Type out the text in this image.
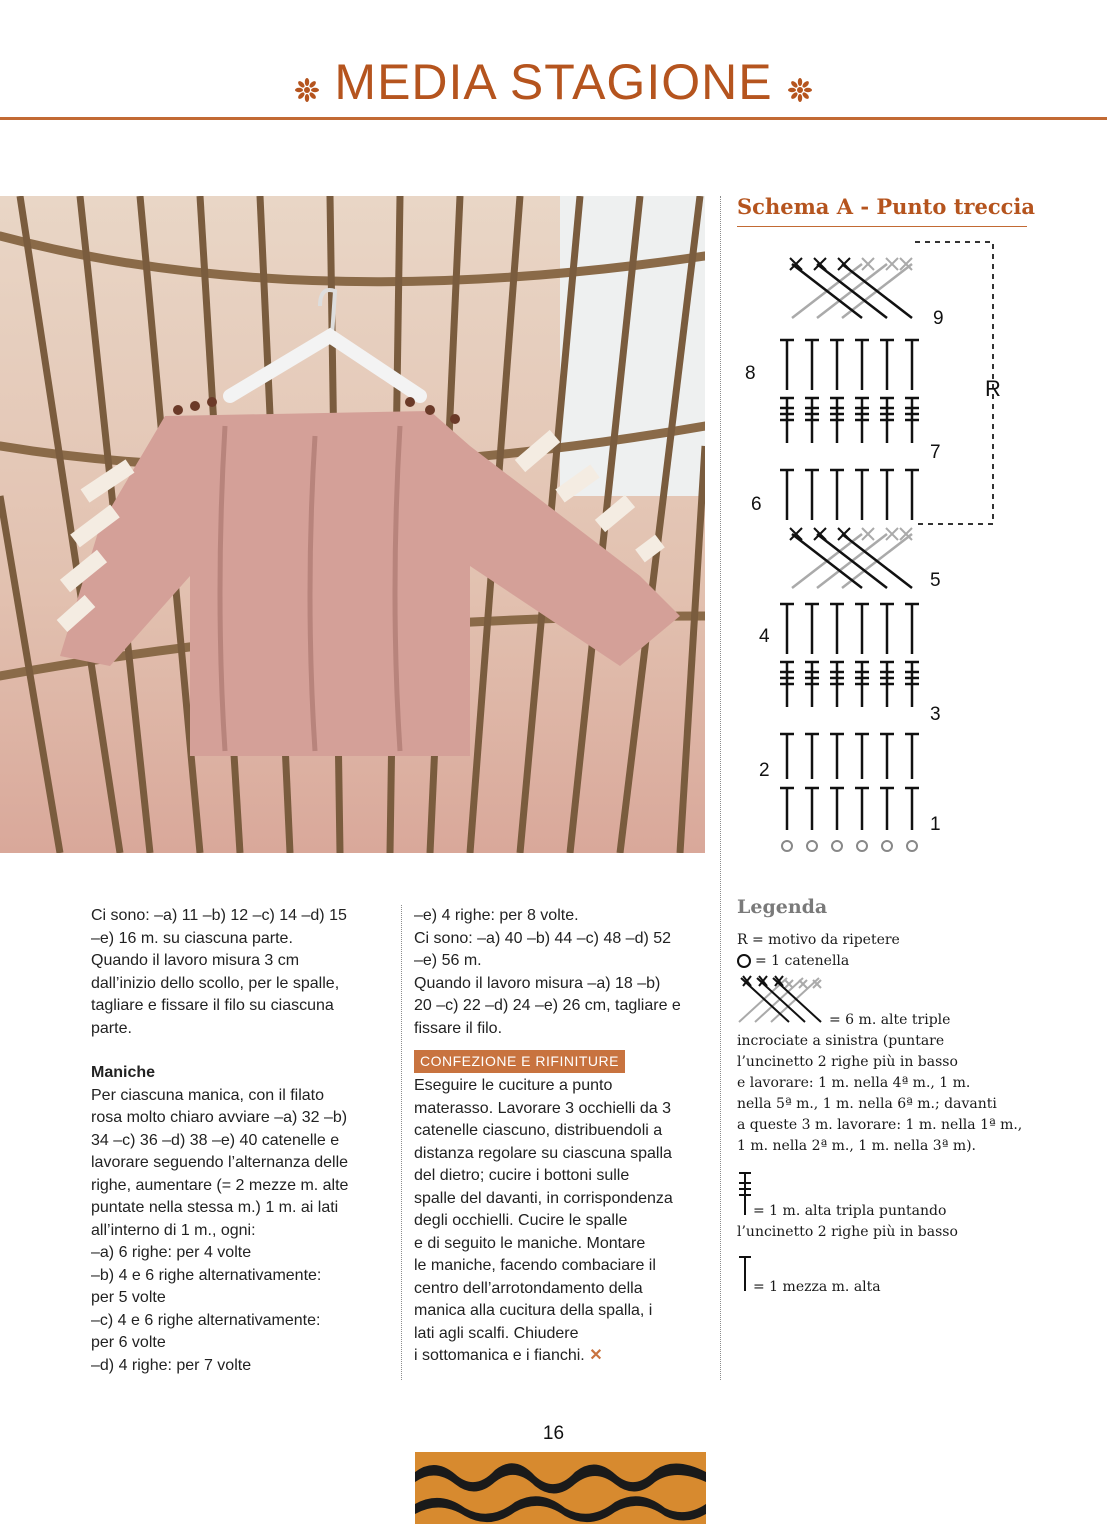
MEDIA STAGIONE

Ci sono: –a) 11 –b) 12 –c) 14 –d) 15

–e) 16 m. su ciascuna parte.

Quando il lavoro misura 3 cm

dall’inizio dello scollo, per le spalle,

tagliare e fissare il filo su ciascuna

parte.

Maniche

Per ciascuna manica, con il filato

rosa molto chiaro avviare –a) 32 –b)

34 –c) 36 –d) 38 –e) 40 catenelle e

lavorare seguendo l’alternanza delle

righe, aumentare (= 2 mezze m. alte

puntate nella stessa m.) 1 m. ai lati

all’interno di 1 m., ogni:

–a) 6 righe: per 4 volte

–b) 4 e 6 righe alternativamente:

per 5 volte

–c) 4 e 6 righe alternativamente:

per 6 volte

–d) 4 righe: per 7 volte

–e) 4 righe: per 8 volte.

Ci sono: –a) 40 –b) 44 –c) 48 –d) 52

–e) 56 m.

Quando il lavoro misura –a) 18 –b)

20 –c) 22 –d) 24 –e) 26 cm, tagliare e

fissare il filo.

CONFEZIONE E RIFINITURE

Eseguire le cuciture a punto

materasso. Lavorare 3 occhielli da 3

catenelle ciascuno, distribuendoli a

distanza regolare su ciascuna spalla

del dietro; cucire i bottoni sulle

spalle del davanti, in corrispondenza

degli occhielli. Cucire le spalle

e di seguito le maniche. Montare

le maniche, facendo combaciare il

centro dell’arrotondamento della

manica alla cucitura della spalla, i

lati agli scalfi. Chiudere

i sottomanica e i fianchi. ✕

Schema A - Punto treccia
9
8
R
7
6
5
4
3
2
1
Legenda
R = motivo da ripetere
= 1 catenella
= 6 m. alte triple
incrociate a sinistra (puntare
l’uncinetto 2 righe più in basso
e lavorare: 1 m. nella 4ª m., 1 m.
nella 5ª m., 1 m. nella 6ª m.; davanti
a queste 3 m. lavorare: 1 m. nella 1ª m.,
1 m. nella 2ª m., 1 m. nella 3ª m).
= 1 m. alta tripla puntando
l’uncinetto 2 righe più in basso
= 1 mezza m. alta
16
